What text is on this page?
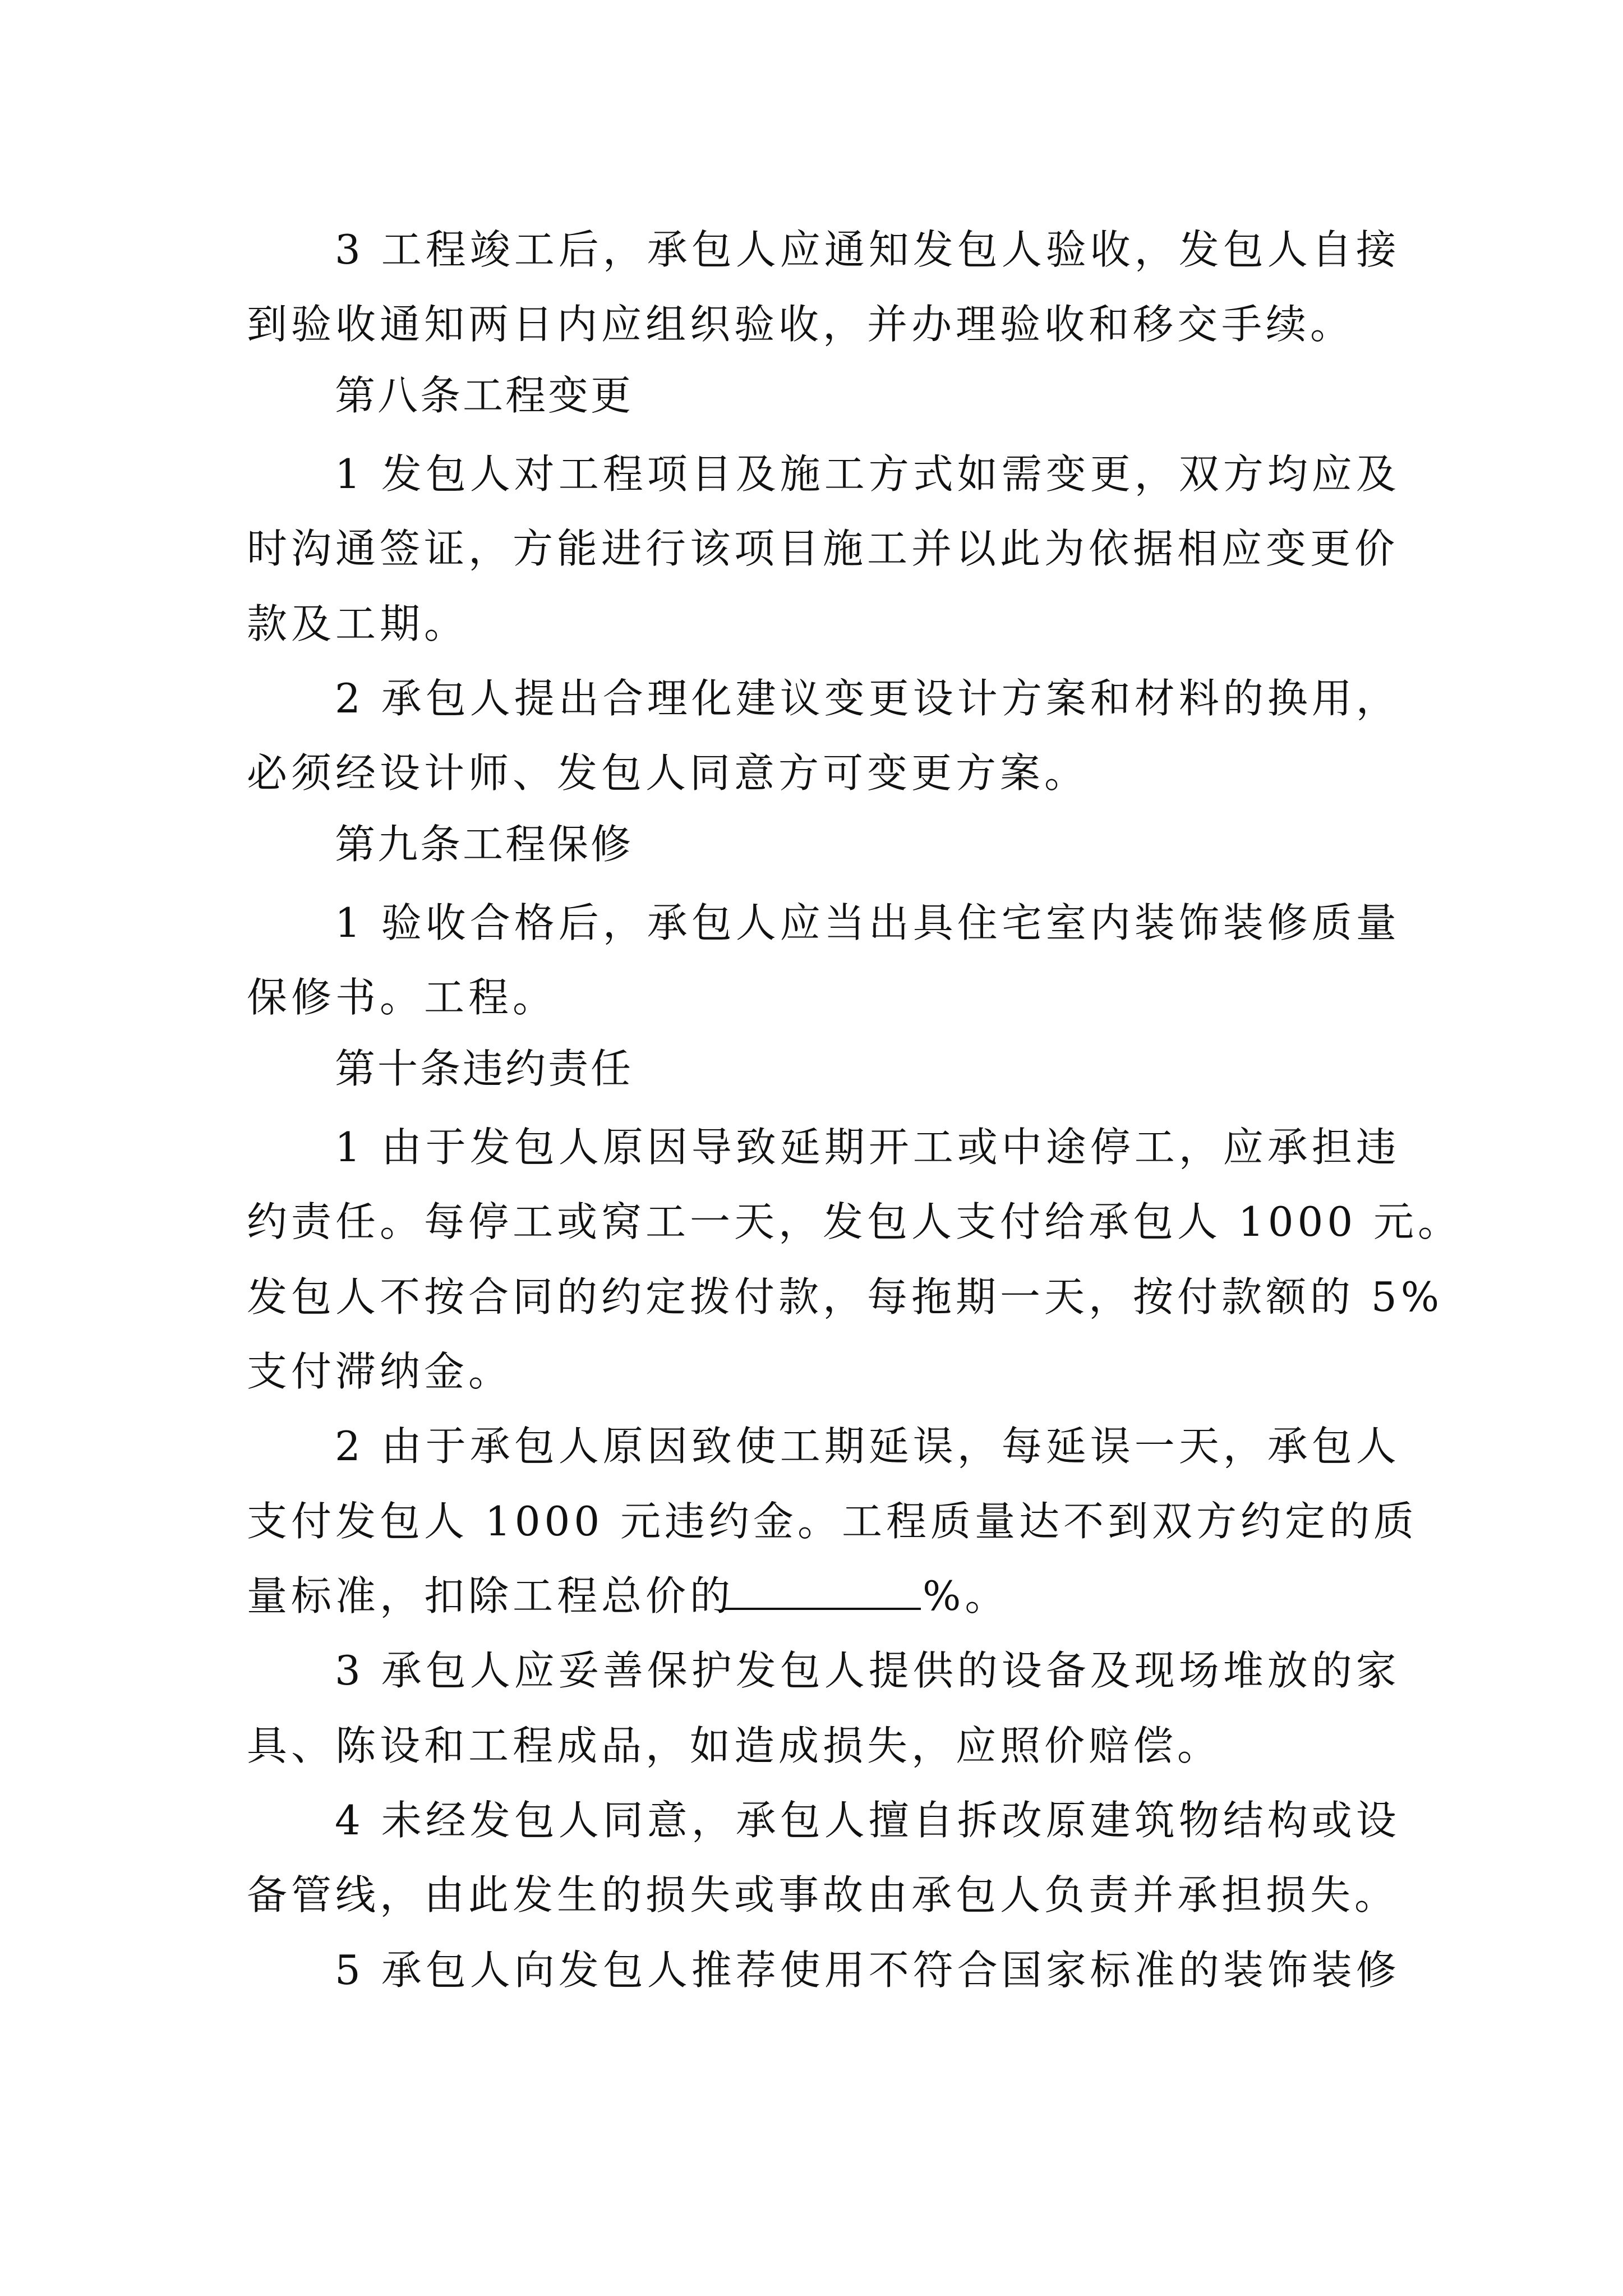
3 工程竣工后，承包人应通知发包人验收，发包人自接
到验收通知两日内应组织验收，并办理验收和移交手续。
第八条工程变更
1 发包人对工程项目及施工方式如需变更，双方均应及
时沟通签证，方能进行该项目施工并以此为依据相应变更价
款及工期。
2 承包人提出合理化建议变更设计方案和材料的换用，
必须经设计师、发包人同意方可变更方案。
第九条工程保修
1 验收合格后，承包人应当出具住宅室内装饰装修质量
保修书。工程。
第十条违约责任
1 由于发包人原因导致延期开工或中途停工，应承担违
约责任。每停工或窝工一天，发包人支付给承包人 1000 元。
发包人不按合同的约定拨付款，每拖期一天，按付款额的 5%
支付滞纳金。
2 由于承包人原因致使工期延误，每延误一天，承包人
支付发包人 1000 元违约金。工程质量达不到双方约定的质
量标准，扣除工程总价的	%。
3 承包人应妥善保护发包人提供的设备及现场堆放的家
具、陈设和工程成品，如造成损失，应照价赔偿。
4 未经发包人同意，承包人擅自拆改原建筑物结构或设
备管线，由此发生的损失或事故由承包人负责并承担损失。
5 承包人向发包人推荐使用不符合国家标准的装饰装修
